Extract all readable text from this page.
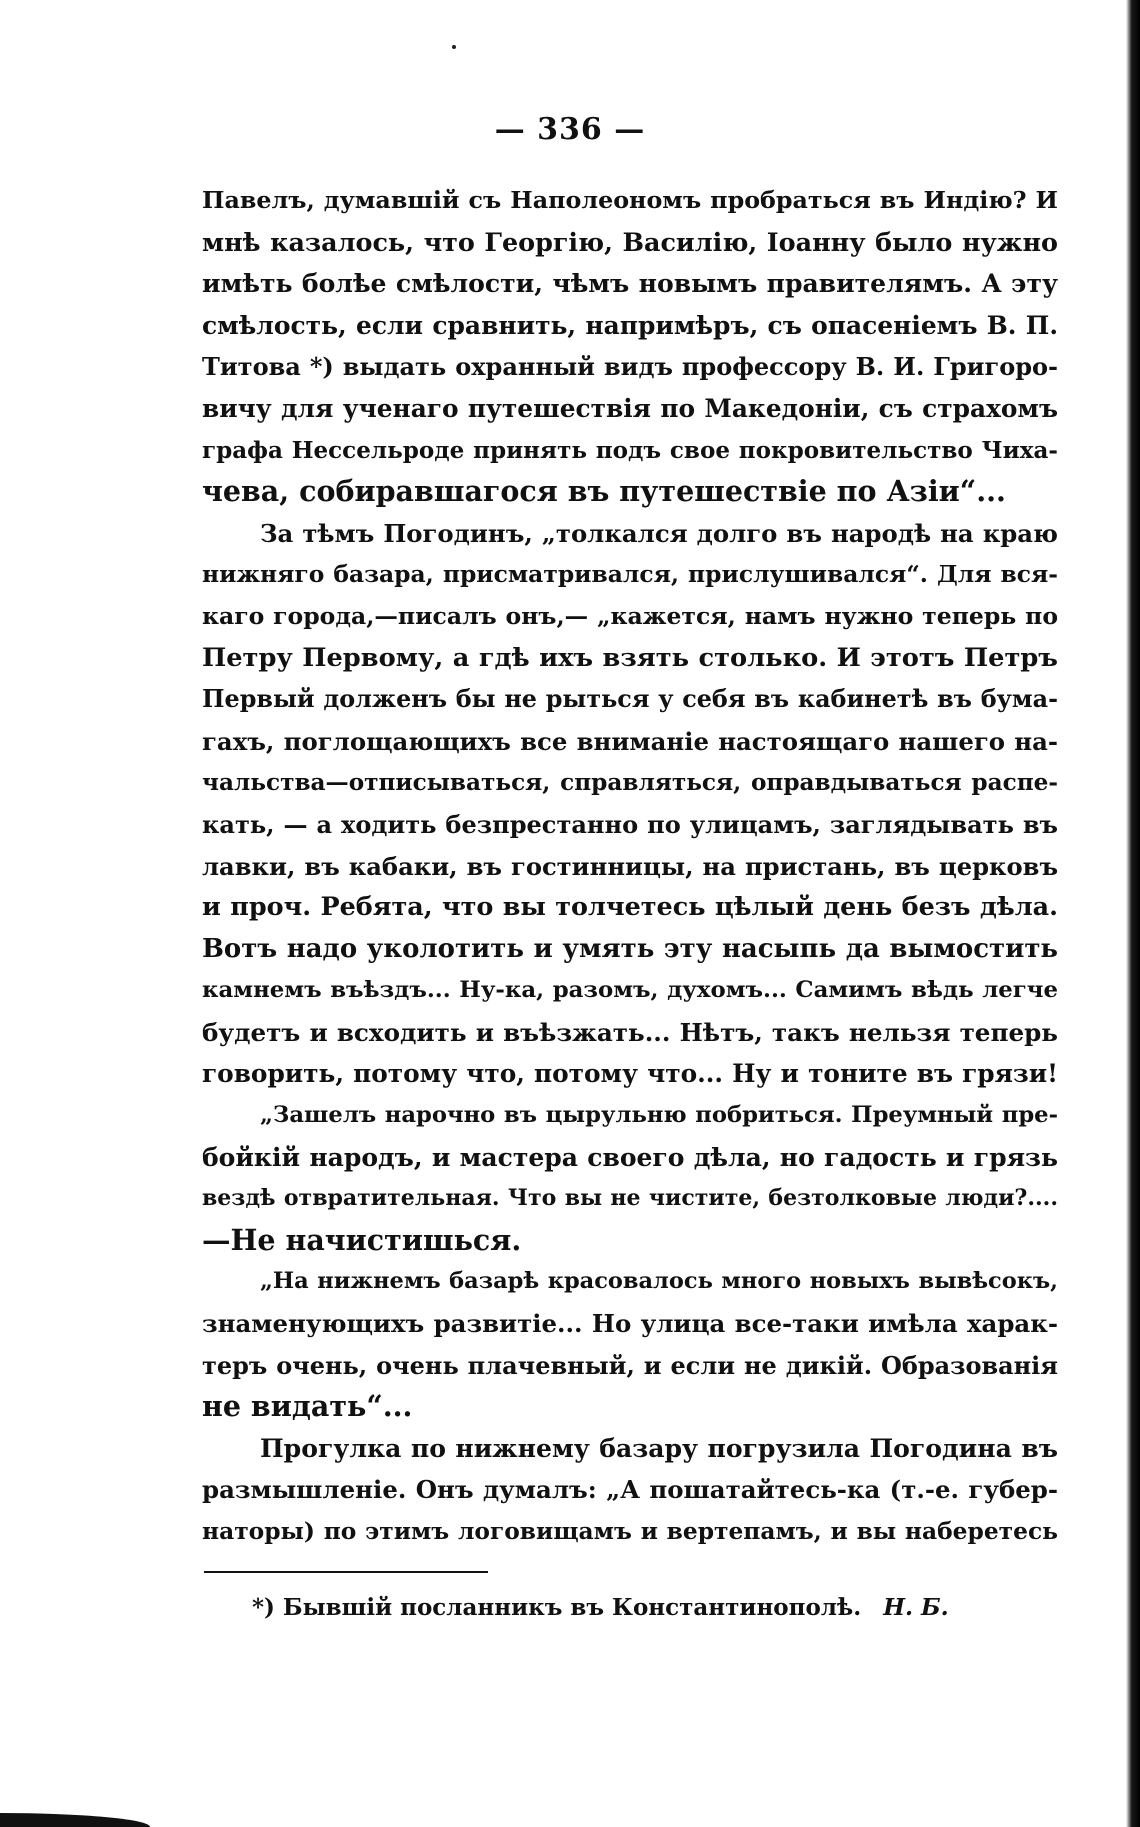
— 336 —
Павелъ, думавшій съ Наполеономъ пробраться въ Индію? И
мнѣ казалось, что Георгію, Василію, Іоанну было нужно
имѣть болѣе смѣлости, чѣмъ новымъ правителямъ. А эту
смѣлость, если сравнить, напримѣръ, съ опасеніемъ В. П.
Титова *) выдать охранный видъ профессору В. И. Григоро-
вичу для ученаго путешествія по Македоніи, съ страхомъ
графа Нессельроде принять подъ свое покровительство Чиха-
чева, собиравшагося въ путешествіе по Азіи“...
За тѣмъ Погодинъ, „толкался долго въ народѣ на краю
нижняго базара, присматривался, прислушивался“. Для вся-
каго города,—писалъ онъ,— „кажется, намъ нужно теперь по
Петру Первому, а гдѣ ихъ взять столько. И этотъ Петръ
Первый долженъ бы не рыться у себя въ кабинетѣ въ бума-
гахъ, поглощающихъ все вниманіе настоящаго нашего на-
чальства—отписываться, справляться, оправдываться распе-
кать, — а ходить безпрестанно по улицамъ, заглядывать въ
лавки, въ кабаки, въ гостинницы, на пристань, въ церковъ
и проч. Ребята, что вы толчетесь цѣлый день безъ дѣла.
Вотъ надо уколотить и умять эту насыпь да вымостить
камнемъ въѣздъ... Ну-ка, разомъ, духомъ... Самимъ вѣдь легче
будетъ и всходить и въѣзжать... Нѣтъ, такъ нельзя теперь
говорить, потому что, потому что... Ну и тоните въ грязи!
„Зашелъ нарочно въ цырульню побриться. Преумный пре-
бойкій народъ, и мастера своего дѣла, но гадость и грязь
вездѣ отвратительная. Что вы не чистите, безтолковые люди?....
—Не начистишься.
„На нижнемъ базарѣ красовалось много новыхъ вывѣсокъ,
знаменующихъ развитіе... Но улица все-таки имѣла харак-
теръ очень, очень плачевный, и если не дикій. Образованія
не видать“...
Прогулка по нижнему базару погрузила Погодина въ
размышленіе. Онъ думалъ: „А пошатайтесь-ка (т.-е. губер-
наторы) по этимъ логовищамъ и вертепамъ, и вы наберетесь
*) Бывшій посланникъ въ Константинополѣ. Н. Б.
